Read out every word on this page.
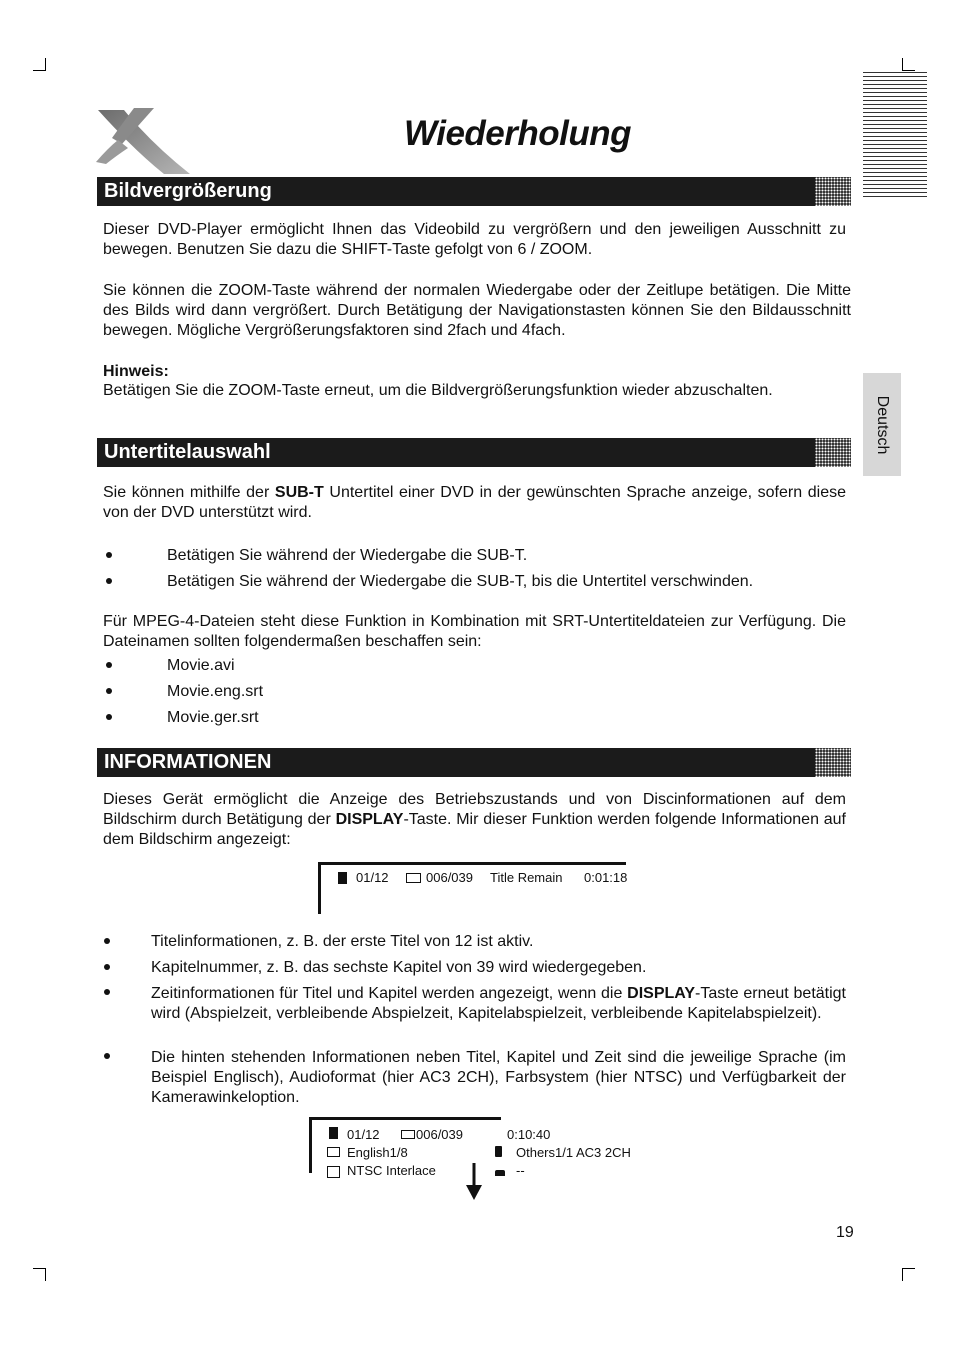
Wiederholung
Deutsch
Bildvergrößerung
Dieser DVD-Player ermöglicht Ihnen das Videobild zu vergrößern und den jeweiligen Ausschnitt zu bewegen. Benutzen Sie dazu die SHIFT-Taste gefolgt von 6 / ZOOM.
Sie können die ZOOM-Taste während der normalen Wiedergabe oder der Zeitlupe betätigen. Die Mitte des Bilds wird dann vergrößert. Durch Betätigung der Navigationstasten können Sie den Bildausschnitt bewegen. Mögliche Vergrößerungsfaktoren sind 2fach und 4fach.
Hinweis:
Betätigen Sie die ZOOM-Taste erneut, um die Bildvergrößerungsfunktion wieder abzuschalten.
Untertitelauswahl
Sie können mithilfe der SUB-T Untertitel einer DVD in der gewünschten Sprache anzeige, sofern diese von der DVD unterstützt wird.
Betätigen Sie während der Wiedergabe die SUB-T.
Betätigen Sie während der Wiedergabe die SUB-T, bis die Untertitel verschwinden.
Für MPEG-4-Dateien steht diese Funktion in Kombination mit SRT-Untertiteldateien zur Verfügung. Die Dateinamen sollten folgendermaßen beschaffen sein:
Movie.avi
Movie.eng.srt
Movie.ger.srt
INFORMATIONEN
Dieses Gerät ermöglicht die Anzeige des Betriebszustands und von Discinformationen auf dem Bildschirm durch Betätigung der DISPLAY-Taste. Mir dieser Funktion werden folgende Informationen auf dem Bildschirm angezeigt:
01/12	006/039 Title Remain 0:01:18
Titelinformationen, z. B. der erste Titel von 12 ist aktiv.
Kapitelnummer, z. B. das sechste Kapitel von 39 wird wiedergegeben.
Zeitinformationen für Titel und Kapitel werden angezeigt, wenn die DISPLAY-Taste erneut betätigt wird (Abspielzeit, verbleibende Abspielzeit, Kapitelabspielzeit, verbleibende Kapitelabspielzeit).
Die hinten stehenden Informationen neben Titel, Kapitel und Zeit sind die jeweilige Sprache (im Beispiel Englisch), Audioformat (hier AC3 2CH), Farbsystem (hier NTSC) und Verfügbarkeit der Kamerawinkeloption.
01/12	006/039	0:10:40
English1/8	Others1/1 AC3 2CH
NTSC Interlace	--
19
